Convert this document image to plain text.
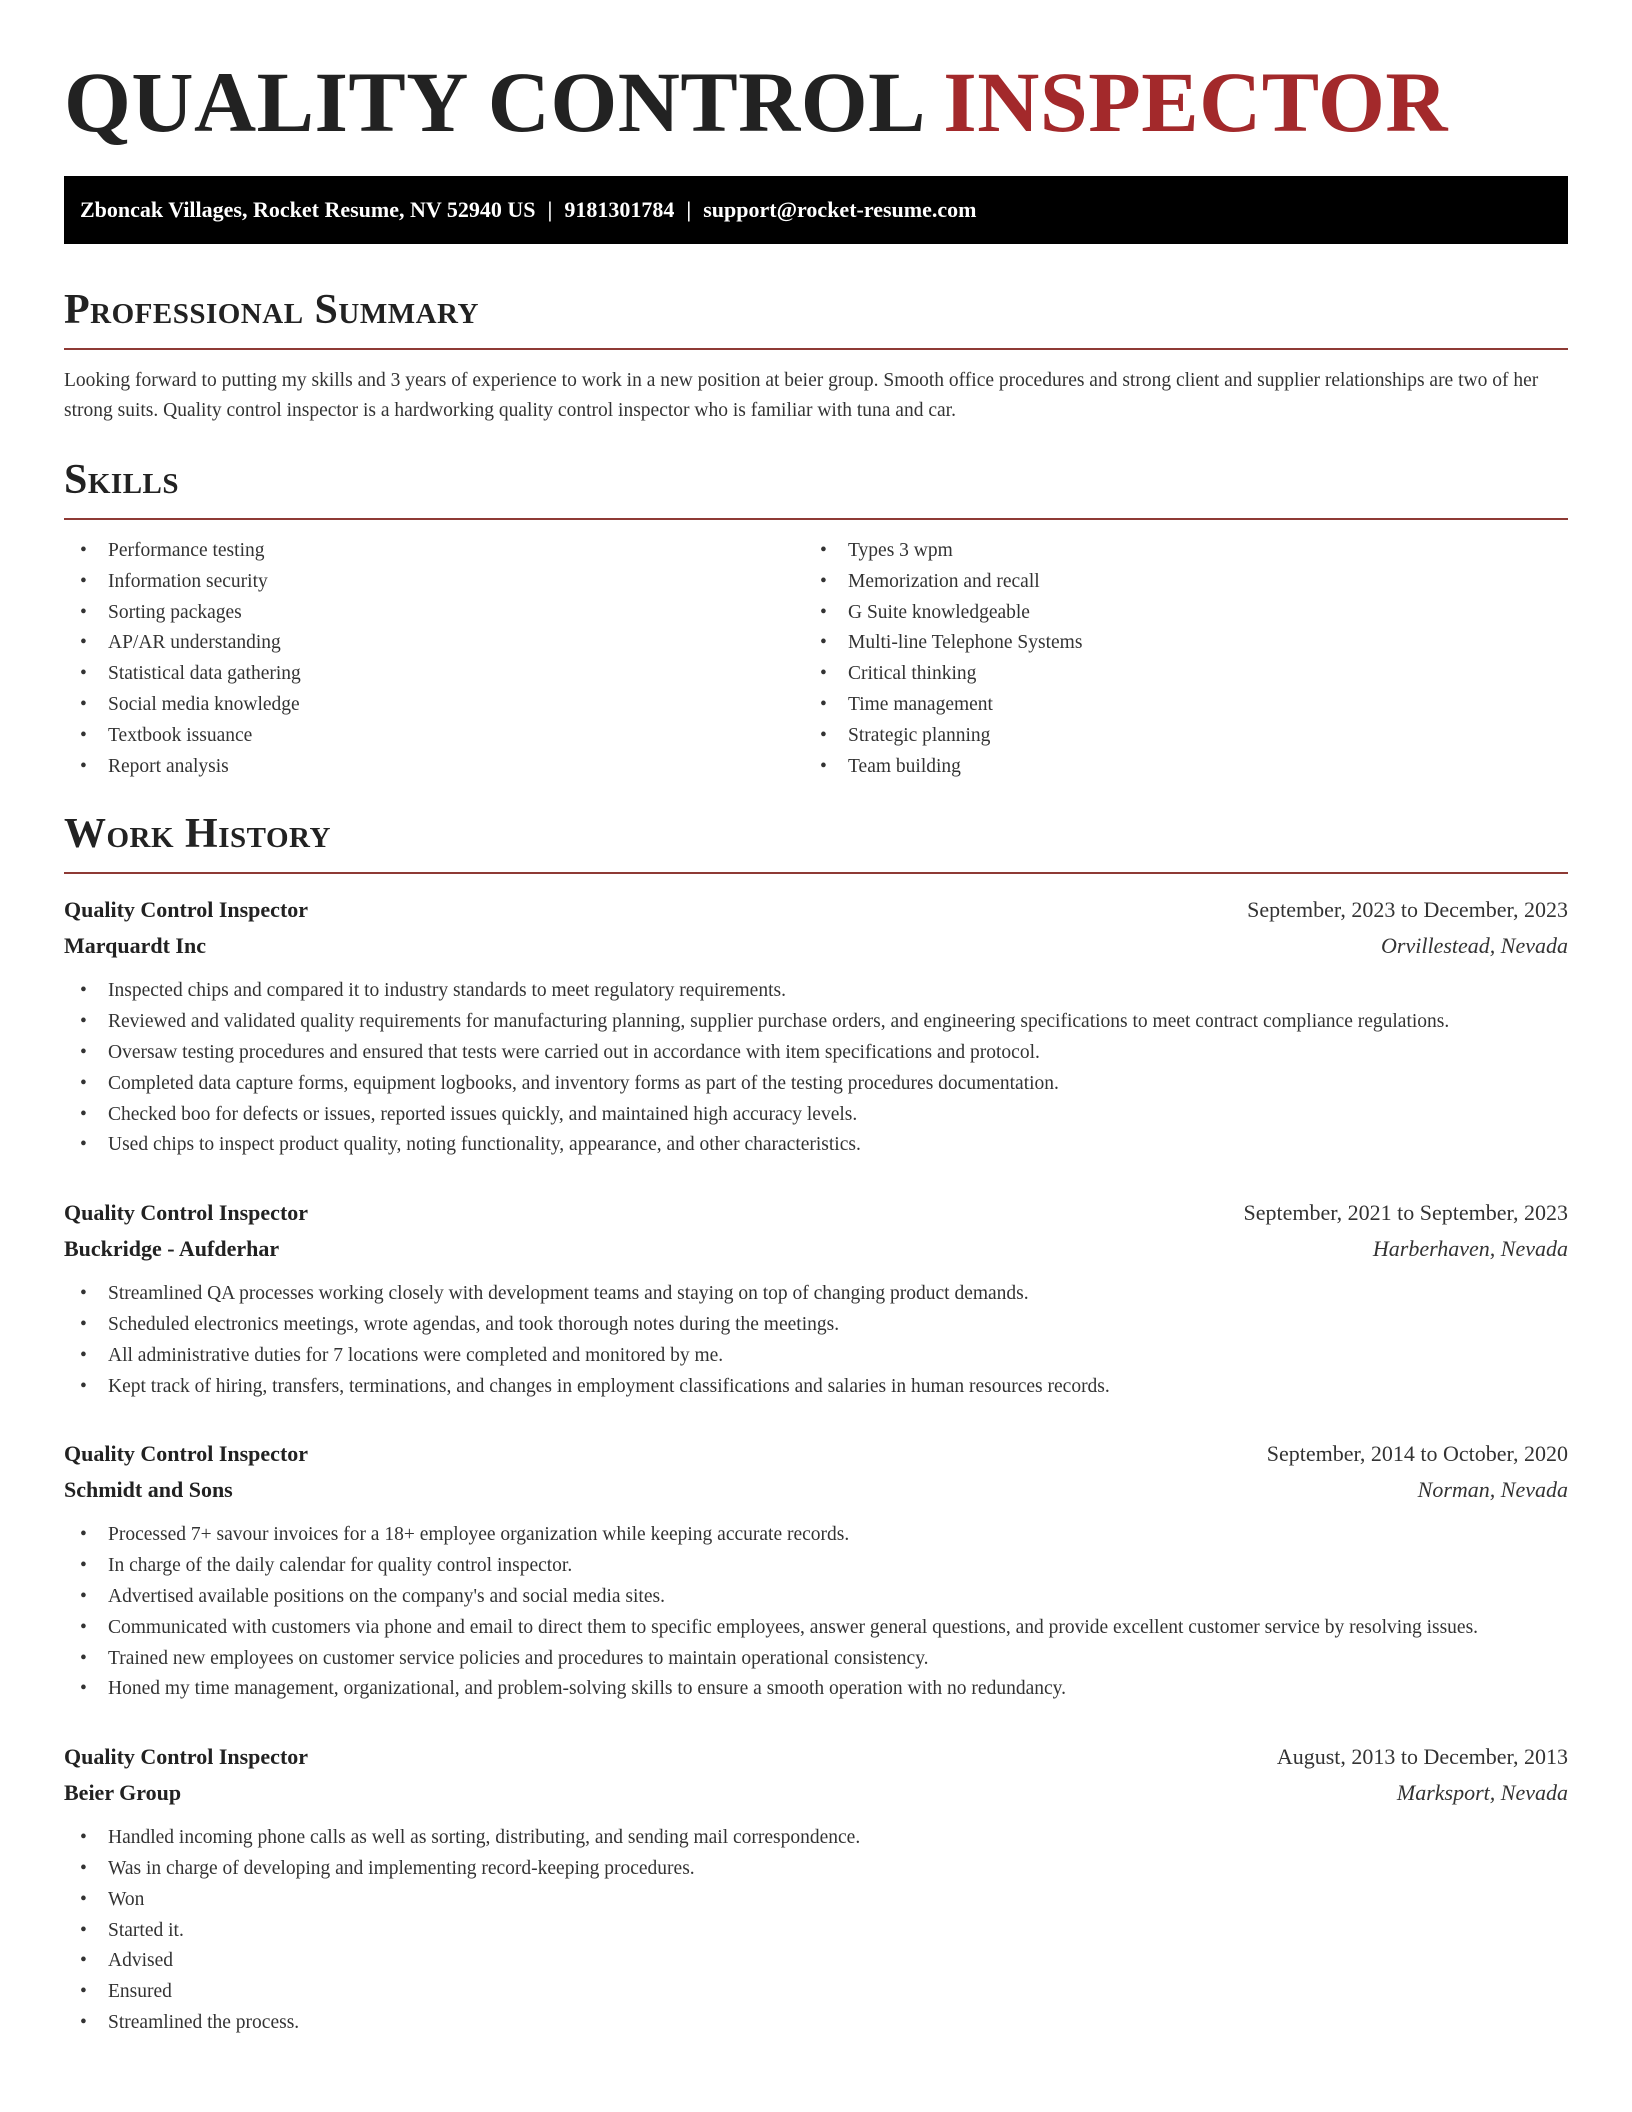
QUALITY CONTROL INSPECTOR
Zboncak Villages, Rocket Resume, NV 52940 US | 9181301784 | support@rocket-resume.com
Professional Summary
Looking forward to putting my skills and 3 years of experience to work in a new position at beier group. Smooth office procedures and strong client and supplier relationships are two of her strong suits. Quality control inspector is a hardworking quality control inspector who is familiar with tuna and car.
Skills
• Performance testing
• Information security
• Sorting packages
• AP/AR understanding
• Statistical data gathering
• Social media knowledge
• Textbook issuance
• Report analysis
• Types 3 wpm
• Memorization and recall
• G Suite knowledgeable
• Multi-line Telephone Systems
• Critical thinking
• Time management
• Strategic planning
• Team building
Work History
Quality Control Inspector	September, 2023 to December, 2023
Marquardt Inc	Orvillestead, Nevada
• Inspected chips and compared it to industry standards to meet regulatory requirements.
• Reviewed and validated quality requirements for manufacturing planning, supplier purchase orders, and engineering specifications to meet contract compliance regulations.
• Oversaw testing procedures and ensured that tests were carried out in accordance with item specifications and protocol.
• Completed data capture forms, equipment logbooks, and inventory forms as part of the testing procedures documentation.
• Checked boo for defects or issues, reported issues quickly, and maintained high accuracy levels.
• Used chips to inspect product quality, noting functionality, appearance, and other characteristics.
Quality Control Inspector	September, 2021 to September, 2023
Buckridge - Aufderhar	Harberhaven, Nevada
• Streamlined QA processes working closely with development teams and staying on top of changing product demands.
• Scheduled electronics meetings, wrote agendas, and took thorough notes during the meetings.
• All administrative duties for 7 locations were completed and monitored by me.
• Kept track of hiring, transfers, terminations, and changes in employment classifications and salaries in human resources records.
Quality Control Inspector	September, 2014 to October, 2020
Schmidt and Sons	Norman, Nevada
• Processed 7+ savour invoices for a 18+ employee organization while keeping accurate records.
• In charge of the daily calendar for quality control inspector.
• Advertised available positions on the company's and social media sites.
• Communicated with customers via phone and email to direct them to specific employees, answer general questions, and provide excellent customer service by resolving issues.
• Trained new employees on customer service policies and procedures to maintain operational consistency.
• Honed my time management, organizational, and problem-solving skills to ensure a smooth operation with no redundancy.
Quality Control Inspector	August, 2013 to December, 2013
Beier Group	Marksport, Nevada
• Handled incoming phone calls as well as sorting, distributing, and sending mail correspondence.
• Was in charge of developing and implementing record-keeping procedures.
• Won
• Started it.
• Advised
• Ensured
• Streamlined the process.
